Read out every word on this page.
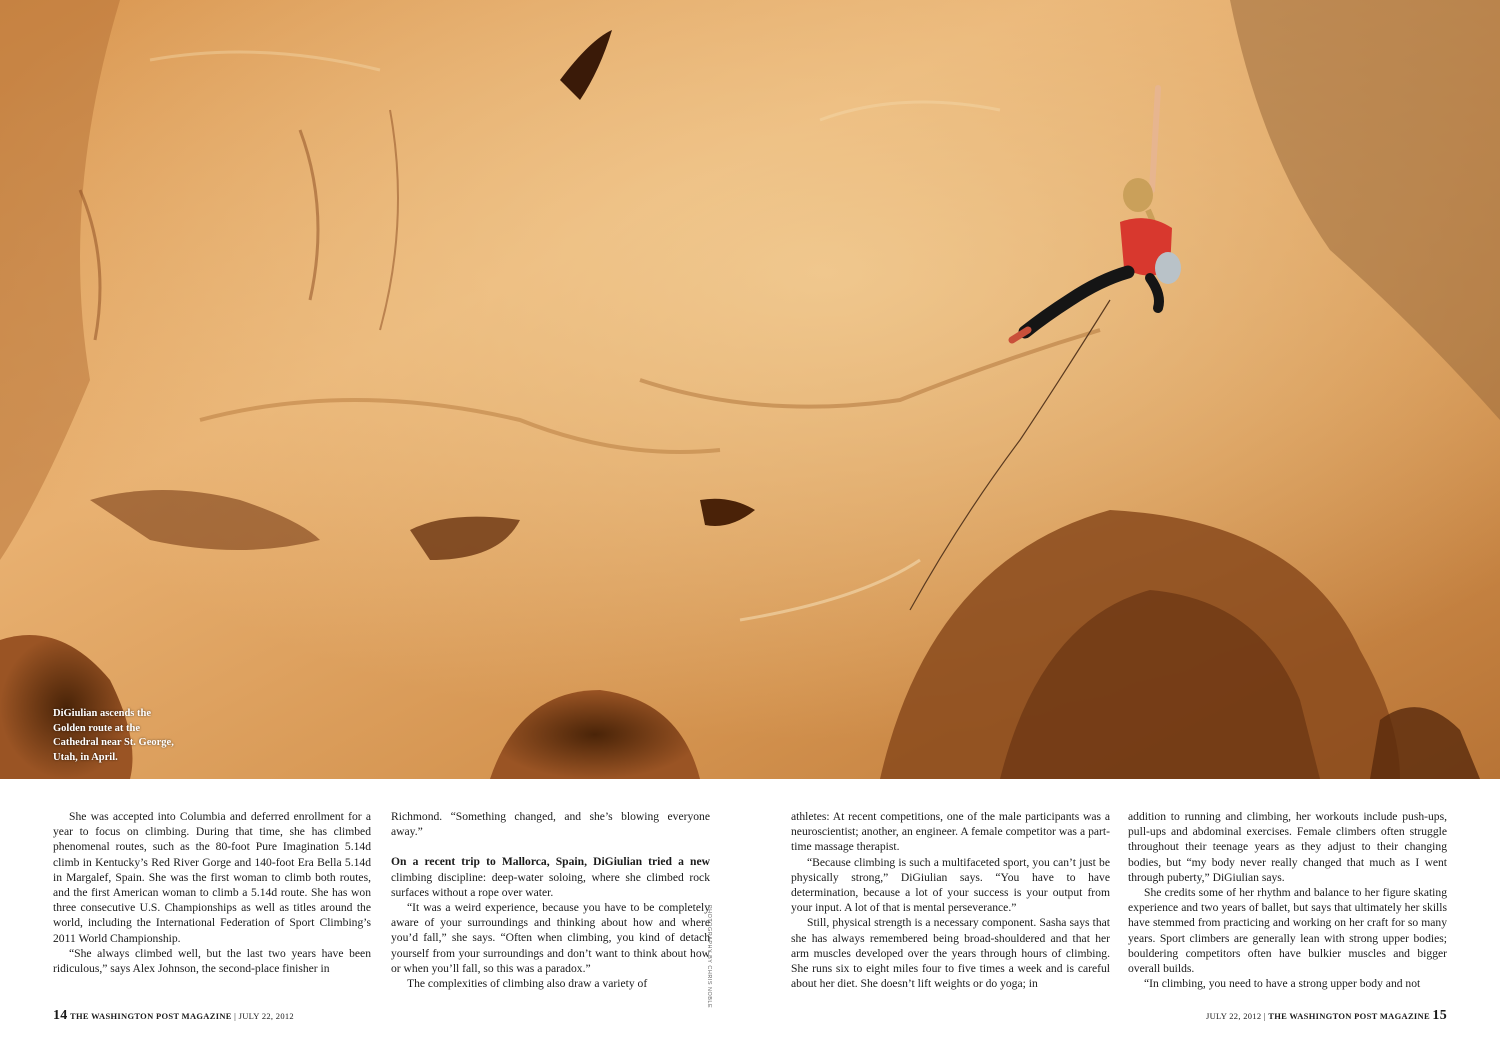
DiGiulian ascends the Golden route at the Cathedral near St. George, Utah, in April.
PHOTOGRAPHY BY CHRIS NOBLE

She was accepted into Columbia and deferred enrollment for a year to focus on climbing. During that time, she has climbed phenomenal routes, such as the 80-foot Pure Imagination 5.14d climb in Kentucky’s Red River Gorge and 140-foot Era Bella 5.14d in Margalef, Spain. She was the first woman to climb both routes, and the first American woman to climb a 5.14d route. She has won three consecutive U.S. Championships as well as titles around the world, including the International Federation of Sport Climbing’s 2011 World Championship.

“She always climbed well, but the last two years have been ridiculous,” says Alex Johnson, the second-place finisher in

Richmond. “Something changed, and she’s blowing everyone away.”

On a recent trip to Mallorca, Spain, DiGiulian tried a new climbing discipline: deep-water soloing, where she climbed rock surfaces without a rope over water.

“It was a weird experience, because you have to be completely aware of your surroundings and thinking about how and where you’d fall,” she says. “Often when climbing, you kind of detach yourself from your surroundings and don’t want to think about how or when you’ll fall, so this was a paradox.”

The complexities of climbing also draw a variety of

athletes: At recent competitions, one of the male participants was a neuroscientist; another, an engineer. A female competitor was a part-time massage therapist.

“Because climbing is such a multifaceted sport, you can’t just be physically strong,” DiGiulian says. “You have to have determination, because a lot of your success is your output from your input. A lot of that is mental perseverance.”

Still, physical strength is a necessary component. Sasha says that she has always remembered being broad-shouldered and that her arm muscles developed over the years through hours of climbing. She runs six to eight miles four to five times a week and is careful about her diet. She doesn’t lift weights or do yoga; in

addition to running and climbing, her workouts include push-ups, pull-ups and abdominal exercises. Female climbers often struggle throughout their teenage years as they adjust to their changing bodies, but “my body never really changed that much as I went through puberty,” DiGiulian says.

She credits some of her rhythm and balance to her figure skating experience and two years of ballet, but says that ultimately her skills have stemmed from practicing and working on her craft for so many years. Sport climbers are generally lean with strong upper bodies; bouldering competitors often have bulkier muscles and bigger overall builds.

“In climbing, you need to have a strong upper body and not

14 THE WASHINGTON POST MAGAZINE | JULY 22, 2012	JULY 22, 2012 | THE WASHINGTON POST MAGAZINE 15
